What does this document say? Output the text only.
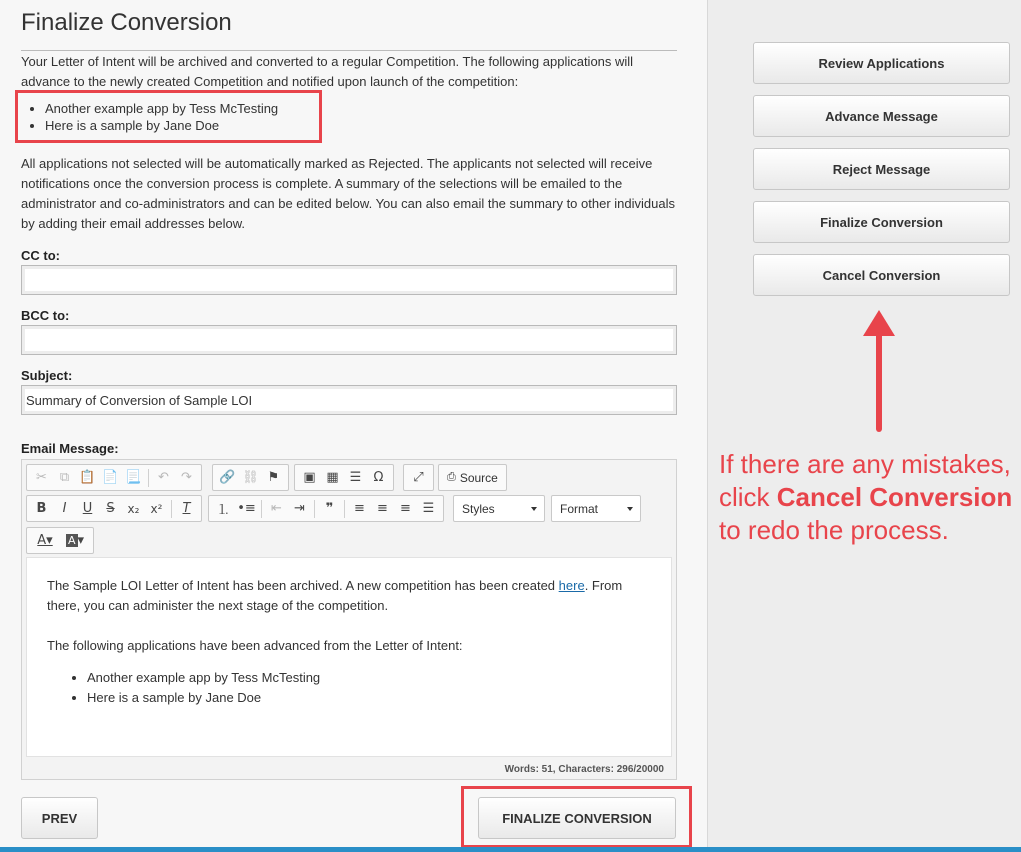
Finalize Conversion

Your Letter of Intent will be archived and converted to a regular Competition. The following applications will advance to the newly created Competition and notified upon launch of the competition:

• Another example app by Tess McTesting
• Here is a sample by Jane Doe

All applications not selected will be automatically marked as Rejected. The applicants not selected will receive notifications once the conversion process is complete. A summary of the selections will be emailed to the administrator and co-administrators and can be edited below. You can also email the summary to other individuals by adding their email addresses below.

CC to:
BCC to:
Subject:
Summary of Conversion of Sample LOI
Email Message:
✂ ⧉ 📋 📄 📃	↶ ↷	🔗 ⛓ ⚑	▣ ▦ ☰ Ω	⤢	⎙ Source
B	I	U	S	x₂ x²	T	⒈ •≡	⇤ ⇥	❞	≡ ≡ ≡ ☰	Styles	Format
A▾	A ▾

The Sample LOI Letter of Intent has been archived. A new competition has been created here. From there, you can administer the next stage of the competition.

The following applications have been advanced from the Letter of Intent:

• Another example app by Tess McTesting
• Here is a sample by Jane Doe
Words: 51, Characters: 296/20000
PREV	FINALIZE CONVERSION
Review Applications
Advance Message
Reject Message
Finalize Conversion
Cancel Conversion
If there are any mistakes, click Cancel Conversion to redo the process.
